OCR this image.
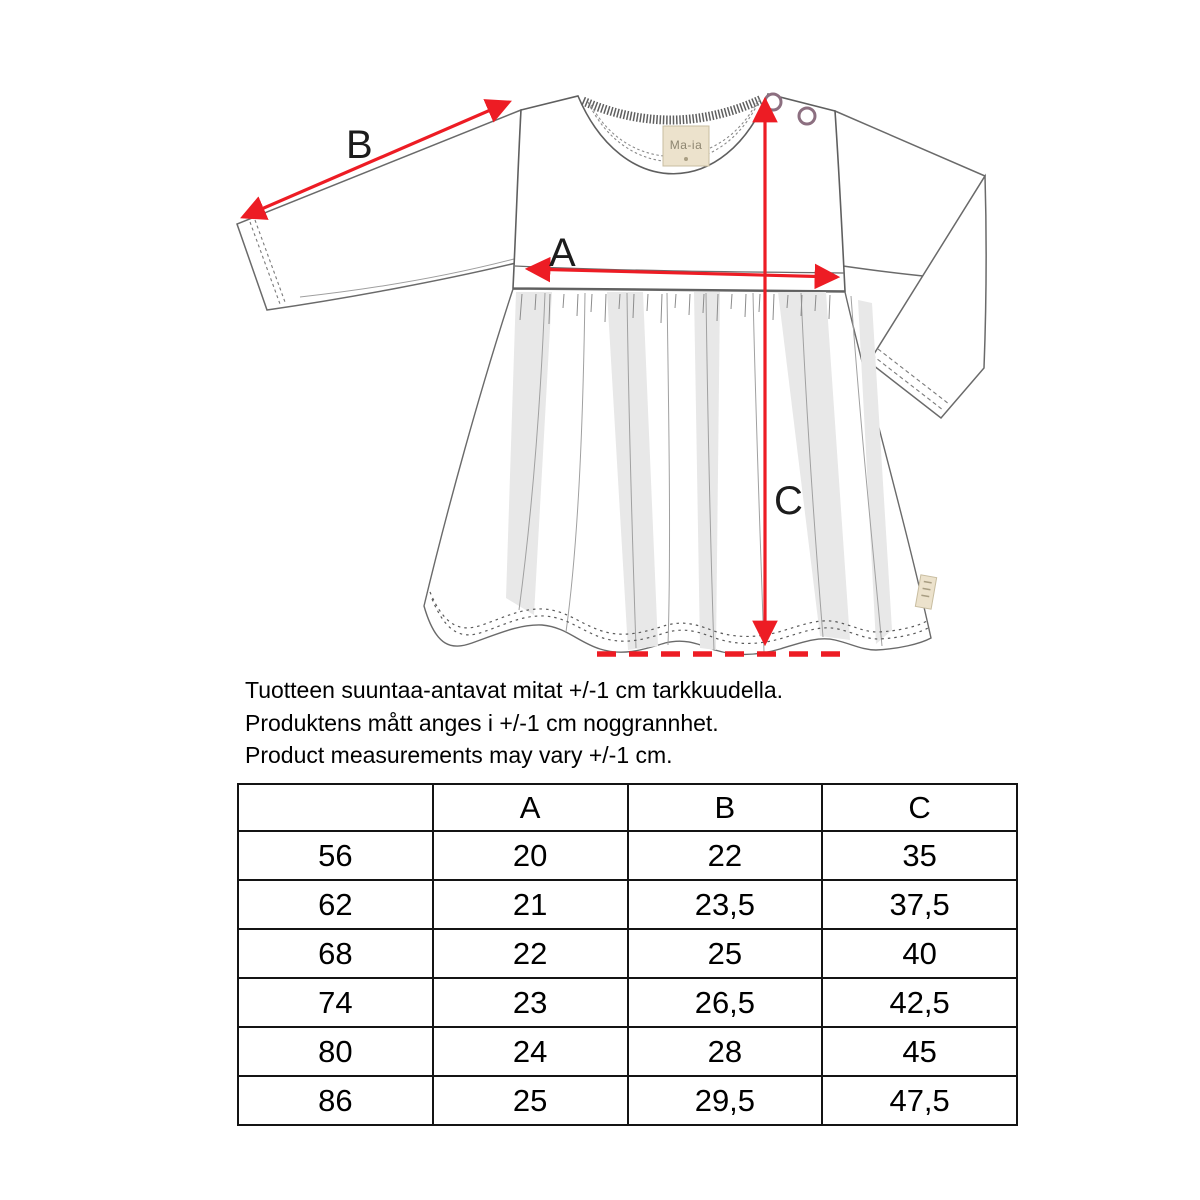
Ma-ia
B
A
C
Tuotteen suuntaa-antavat mitat +/-1 cm tarkkuudella.
Produktens mått anges i +/-1 cm noggrannhet.
Product measurements may vary +/-1 cm.
	A	B	C
56	20	22	35
62	21	23,5	37,5
68	22	25	40
74	23	26,5	42,5
80	24	28	45
86	25	29,5	47,5
